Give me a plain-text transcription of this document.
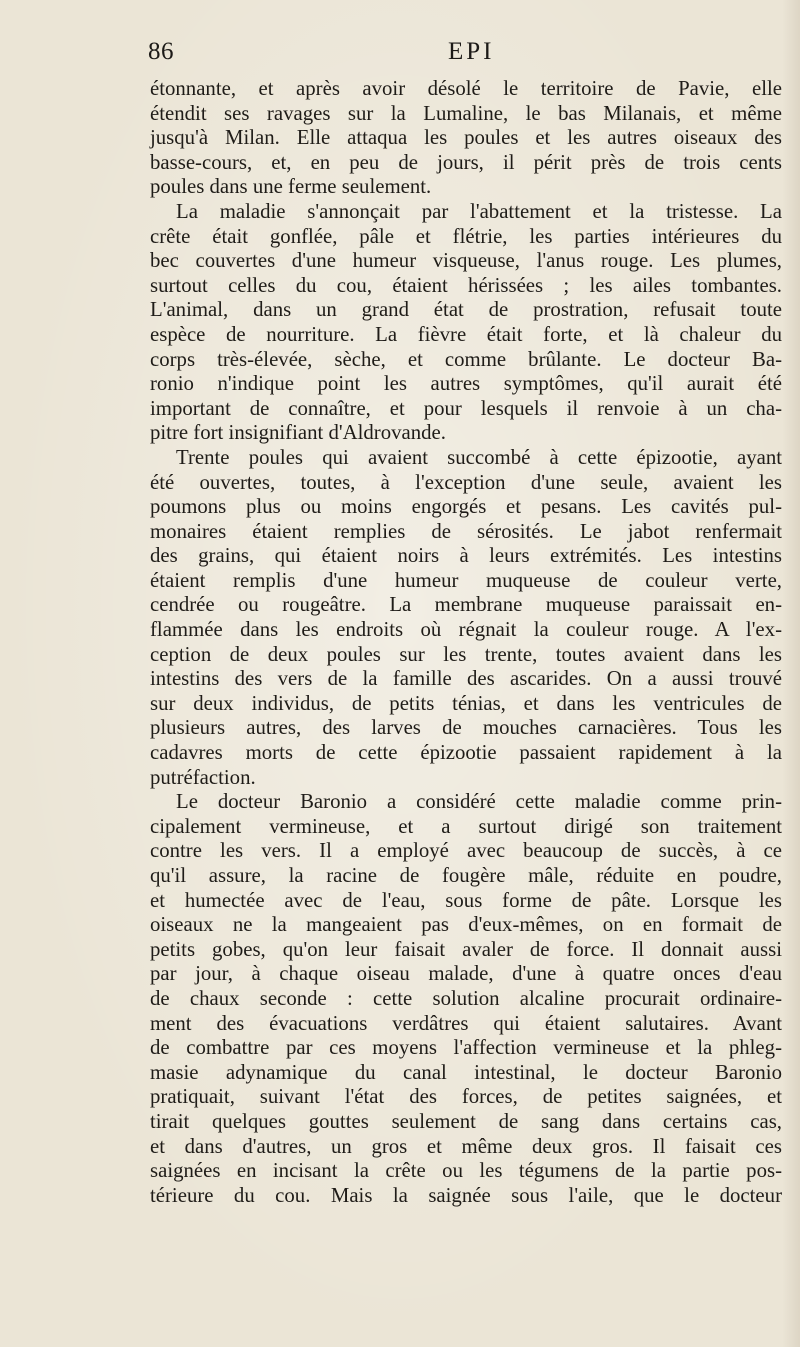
86	EPI
étonnante, et après avoir désolé le territoire de Pavie, elle
étendit ses ravages sur la Lumaline, le bas Milanais, et même
jusqu'à Milan. Elle attaqua les poules et les autres oiseaux des
basse-cours, et, en peu de jours, il périt près de trois cents
poules dans une ferme seulement.
La maladie s'annonçait par l'abattement et la tristesse. La
crête était gonflée, pâle et flétrie, les parties intérieures du
bec couvertes d'une humeur visqueuse, l'anus rouge. Les plumes,
surtout celles du cou, étaient hérissées ; les ailes tombantes.
L'animal, dans un grand état de prostration, refusait toute
espèce de nourriture. La fièvre était forte, et là chaleur du
corps très-élevée, sèche, et comme brûlante. Le docteur Ba-
ronio n'indique point les autres symptômes, qu'il aurait été
important de connaître, et pour lesquels il renvoie à un cha-
pitre fort insignifiant d'Aldrovande.
Trente poules qui avaient succombé à cette épizootie, ayant
été ouvertes, toutes, à l'exception d'une seule, avaient les
poumons plus ou moins engorgés et pesans. Les cavités pul-
monaires étaient remplies de sérosités. Le jabot renfermait
des grains, qui étaient noirs à leurs extrémités. Les intestins
étaient remplis d'une humeur muqueuse de couleur verte,
cendrée ou rougeâtre. La membrane muqueuse paraissait en-
flammée dans les endroits où régnait la couleur rouge. A l'ex-
ception de deux poules sur les trente, toutes avaient dans les
intestins des vers de la famille des ascarides. On a aussi trouvé
sur deux individus, de petits ténias, et dans les ventricules de
plusieurs autres, des larves de mouches carnacières. Tous les
cadavres morts de cette épizootie passaient rapidement à la
putréfaction.
Le docteur Baronio a considéré cette maladie comme prin-
cipalement vermineuse, et a surtout dirigé son traitement
contre les vers. Il a employé avec beaucoup de succès, à ce
qu'il assure, la racine de fougère mâle, réduite en poudre,
et humectée avec de l'eau, sous forme de pâte. Lorsque les
oiseaux ne la mangeaient pas d'eux-mêmes, on en formait de
petits gobes, qu'on leur faisait avaler de force. Il donnait aussi
par jour, à chaque oiseau malade, d'une à quatre onces d'eau
de chaux seconde : cette solution alcaline procurait ordinaire-
ment des évacuations verdâtres qui étaient salutaires. Avant
de combattre par ces moyens l'affection vermineuse et la phleg-
masie adynamique du canal intestinal, le docteur Baronio
pratiquait, suivant l'état des forces, de petites saignées, et
tirait quelques gouttes seulement de sang dans certains cas,
et dans d'autres, un gros et même deux gros. Il faisait ces
saignées en incisant la crête ou les tégumens de la partie pos-
térieure du cou. Mais la saignée sous l'aile, que le docteur
